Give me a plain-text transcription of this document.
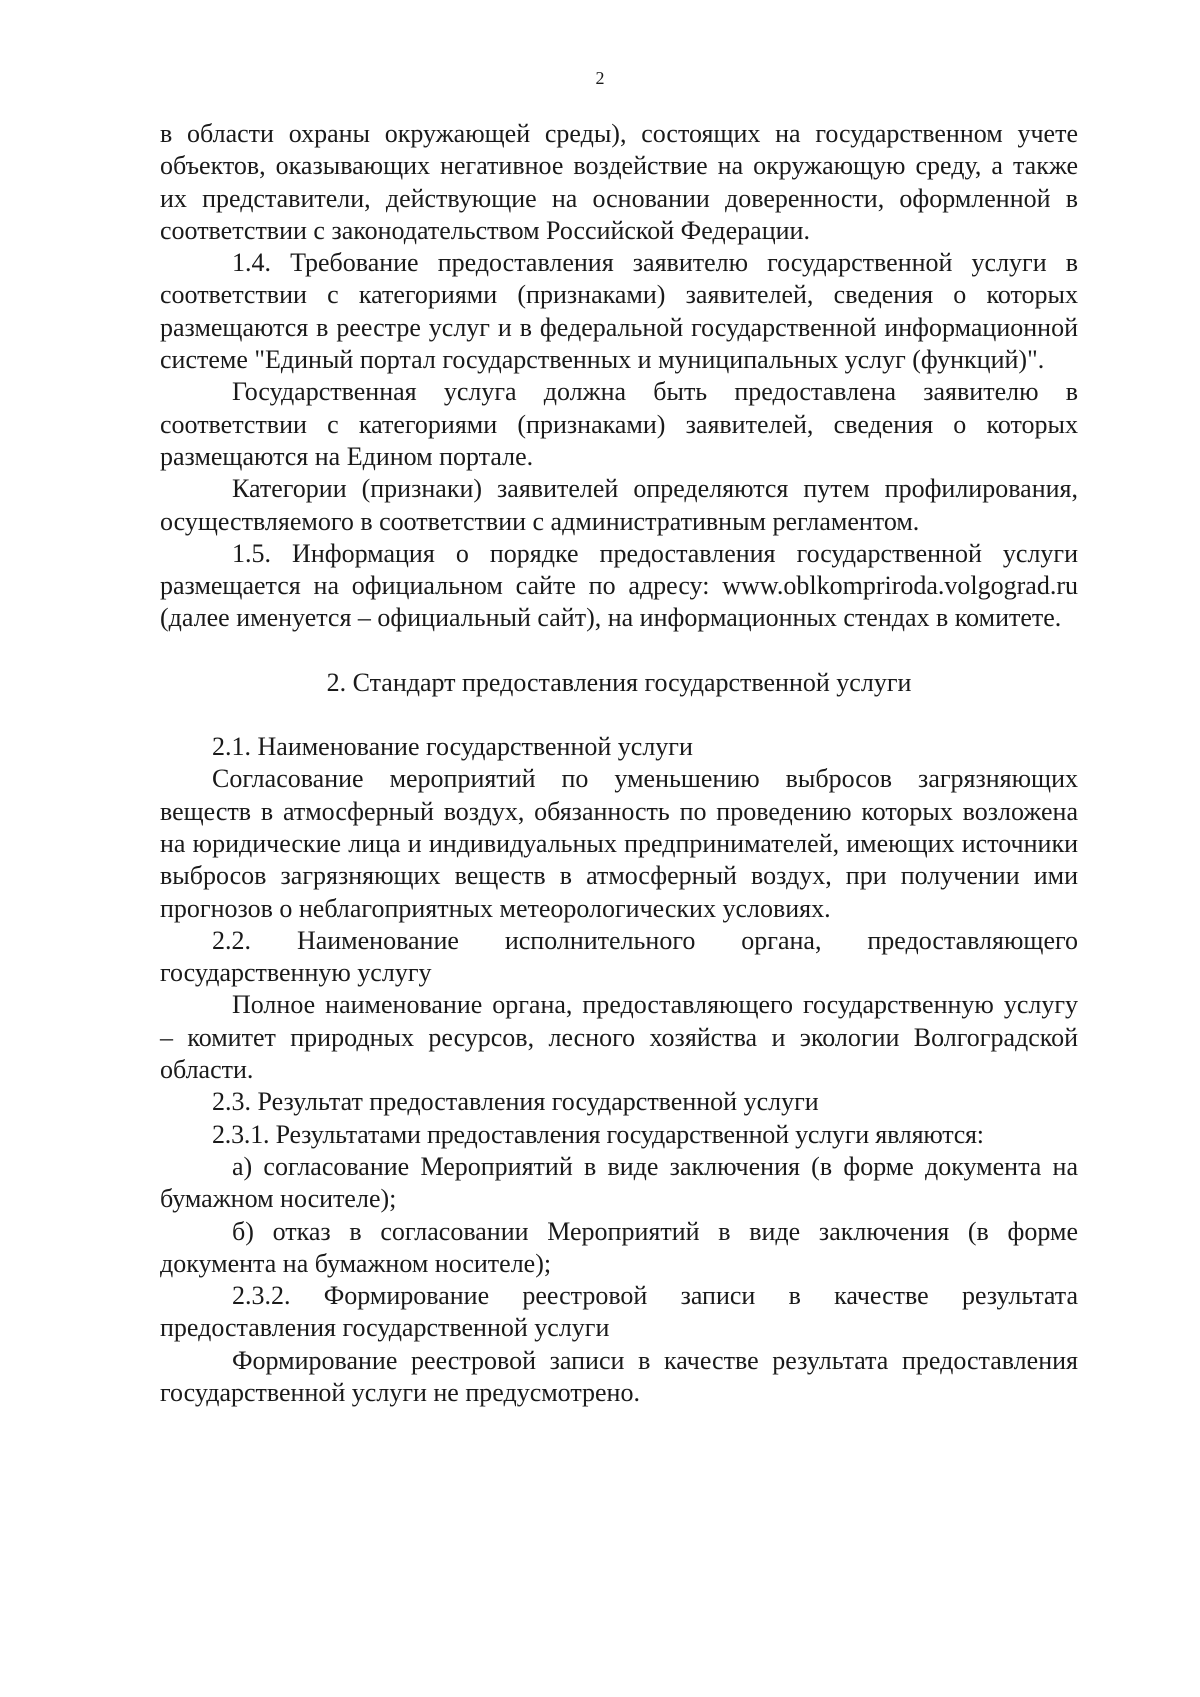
2

в области охраны окружающей среды), состоящих на государственном учете объектов, оказывающих негативное воздействие на окружающую среду, а также их представители, действующие на основании доверенности, оформленной в соответствии с законодательством Российской Федерации.

1.4. Требование предоставления заявителю государственной услуги в соответствии с категориями (признаками) заявителей, сведения о которых размещаются в реестре услуг и в федеральной государственной информационной системе "Единый портал государственных и муниципальных услуг (функций)".

Государственная услуга должна быть предоставлена заявителю в соответствии с категориями (признаками) заявителей, сведения о которых размещаются на Едином портале.

Категории (признаки) заявителей определяются путем профилирования, осуществляемого в соответствии с административным регламентом.

1.5. Информация о порядке предоставления государственной услуги размещается на официальном сайте по адресу: www.oblkompriroda.volgograd.ru (далее именуется – официальный сайт), на информационных стендах в комитете.

2. Стандарт предоставления государственной услуги

2.1. Наименование государственной услуги

Согласование мероприятий по уменьшению выбросов загрязняющих веществ в атмосферный воздух, обязанность по проведению которых возложена на юридические лица и индивидуальных предпринимателей, имеющих источники выбросов загрязняющих веществ в атмосферный воздух, при получении ими прогнозов о неблагоприятных метеорологических условиях.

2.2. Наименование исполнительного органа, предоставляющего государственную услугу

Полное наименование органа, предоставляющего государственную услугу – комитет природных ресурсов, лесного хозяйства и экологии Волгоградской области.

2.3. Результат предоставления государственной услуги

2.3.1. Результатами предоставления государственной услуги являются:

а) согласование Мероприятий в виде заключения (в форме документа на бумажном носителе);

б) отказ в согласовании Мероприятий в виде заключения (в форме документа на бумажном носителе);

2.3.2. Формирование реестровой записи в качестве результата предоставления государственной услуги

Формирование реестровой записи в качестве результата предоставления государственной услуги не предусмотрено.
